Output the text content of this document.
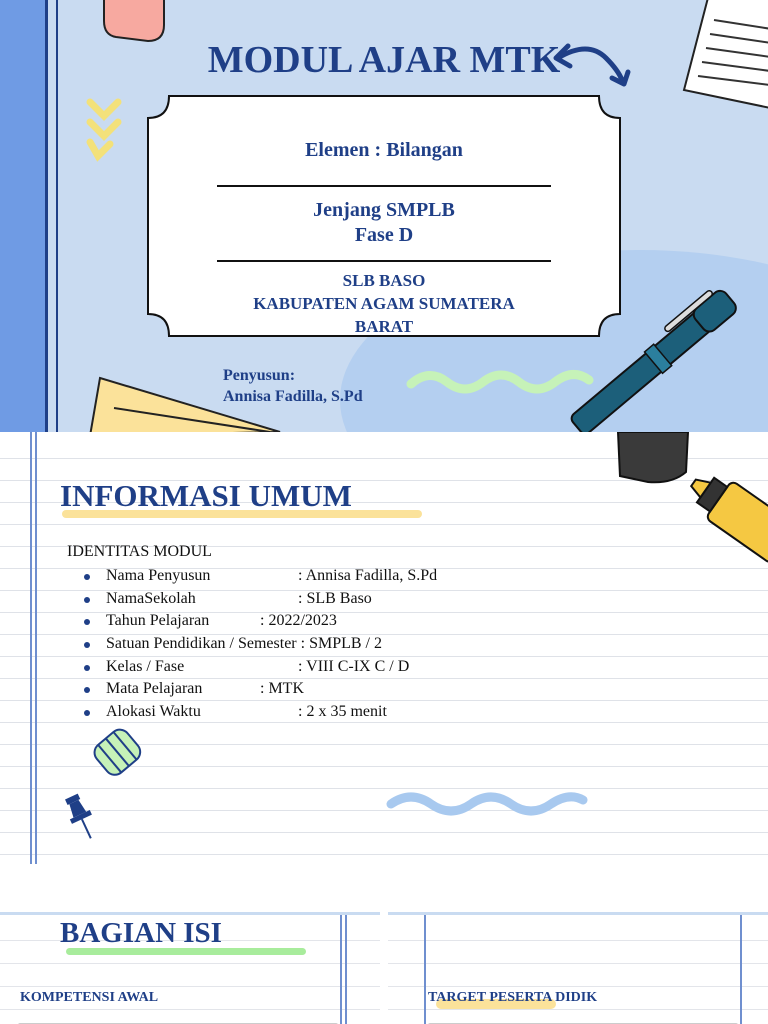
MODUL AJAR MTK
Elemen : Bilangan
Jenjang SMPLB
Fase D
SLB BASO
KABUPATEN AGAM SUMATERA
BARAT
Penyusun:
Annisa Fadilla, S.Pd
INFORMASI UMUM
IDENTITAS MODUL
Nama Penyusun	: Annisa Fadilla, S.Pd
NamaSekolah	: SLB Baso
Tahun Pelajaran	: 2022/2023
Satuan Pendidikan / Semester : SMPLB / 2
Kelas / Fase	: VIII C-IX C / D
Mata Pelajaran	: MTK
Alokasi Waktu	: 2 x 35 menit
BAGIAN ISI
KOMPETENSI AWAL	TARGET PESERTA DIDIK
